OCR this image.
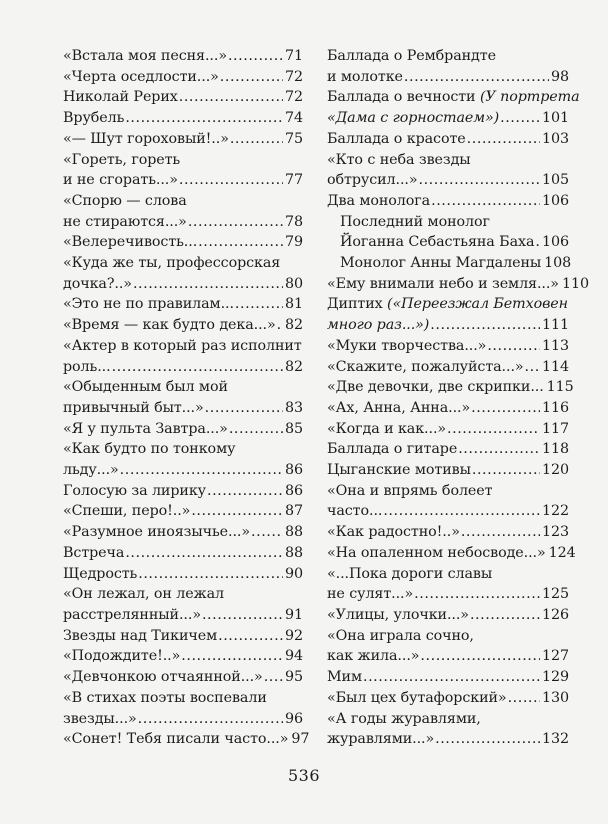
«Встала моя песня...» . . .	71
«Черта оседлости...» . . .	72
Николай Рерих . . .	72
Врубель . . .	74
«— Шут гороховый!..» . . .	75
«Гореть, гореть
и не сгорать...» . . .	77
«Спорю — слова
не стираются...» . . .	78
«Велеречивость... . . .	79
«Куда же ты, профессорская
дочка?..» . . .	80
«Это не по правилам... . . .	81
«Время — как будто дека...» . . . 82
«Актер в который раз исполнит
роль... . . .	82
«Обыденным был мой
привычный быт...» . . .	83
«Я у пульта Завтра...» . . .	85
«Как будто по тонкому
льду...» . . .	86
Голосую за лирику . . .	86
«Спеши, перо!..» . . .	87
«Разумное иноязычье...» . . . 88
Встреча . . .	88
Щедрость . . .	90
«Он лежал, он лежал
расстрелянный...» . . .	91
Звезды над Тикичем . . .	92
«Подождите!..» . . .	94
«Девчонкою отчаянной...» . . . 95
«В стихах поэты воспевали
звезды...» . . .	96
«Сонет! Тебя писали часто...» 97
Баллада о Рембрандте
и молотке . . .	98
Баллада о вечности (У портрета
«Дама с горностаем») . . .	101
Баллада о красоте . . .	103
«Кто с неба звезды
обтрусил...» . . .	105
Два монолога . . .	106
Последний монолог
Йоганна Себастьяна Баха . . . 106
Монолог Анны Магдалены 108
«Ему внимали небо и земля...» 110
Диптих («Переезжал Бетховен
много раз...») . . .	111
«Муки творчества...» . . .	113
«Скажите, пожалуйста...» . . . 114
«Две девочки, две скрипки... 115
«Ах, Анна, Анна...» . . .	116
«Когда и как...» . . .	117
Баллада о гитаре . . .	118
Цыганские мотивы . . .	120
«Она и впрямь болеет
часто... . . .	122
«Как радостно!..» . . .	123
«На опаленном небосводе...» 124
«...Пока дороги славы
не сулят...» . . .	125
«Улицы, улочки...» . . .	126
«Она играла сочно,
как жила...» . . .	127
Мим . . .	129
«Был цех бутафорский» . . . 130
«А годы журавлями,
журавлями...» . . .	132
536
